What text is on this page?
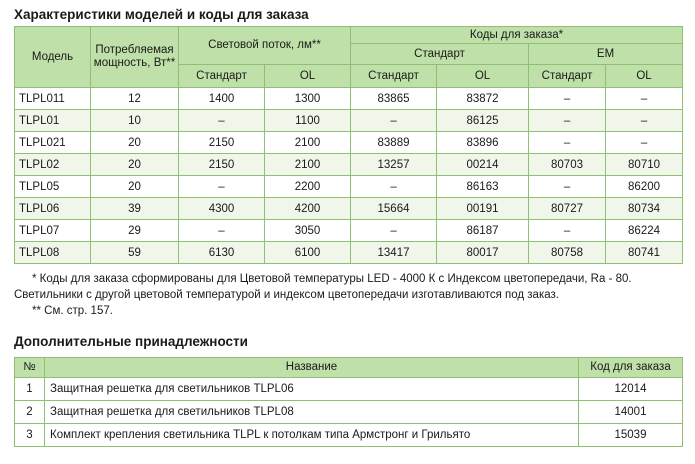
Характеристики моделей и коды для заказа
Модель	Потребляемая мощность, Вт**	Световой поток, лм**		Коды для заказа*			
				Стандарт		EM	
		Стандарт	OL	Стандарт	OL	Стандарт	OL
TLPL011	12	1400	1300	83865	83872	–	–
TLPL01	10	–	1100	–	86125	–	–
TLPL021	20	2150	2100	83889	83896	–	–
TLPL02	20	2150	2100	13257	00214	80703	80710
TLPL05	20	–	2200	–	86163	–	86200
TLPL06	39	4300	4200	15664	00191	80727	80734
TLPL07	29	–	3050	–	86187	–	86224
TLPL08	59	6130	6100	13417	80017	80758	80741
* Коды для заказа сформированы для Цветовой температуры LED - 4000 К с Индексом цветопередачи, Ra - 80.
Светильники с другой цветовой температурой и индексом цветопередачи изготавливаются под заказ.
** См. стр. 157.
Дополнительные принадлежности
№	Название	Код для заказа
1	Защитная решетка для светильников TLPL06	12014
2	Защитная решетка для светильников TLPL08	14001
3	Комплект крепления светильника TLPL к потолкам типа Армстронг и Грильято	15039
